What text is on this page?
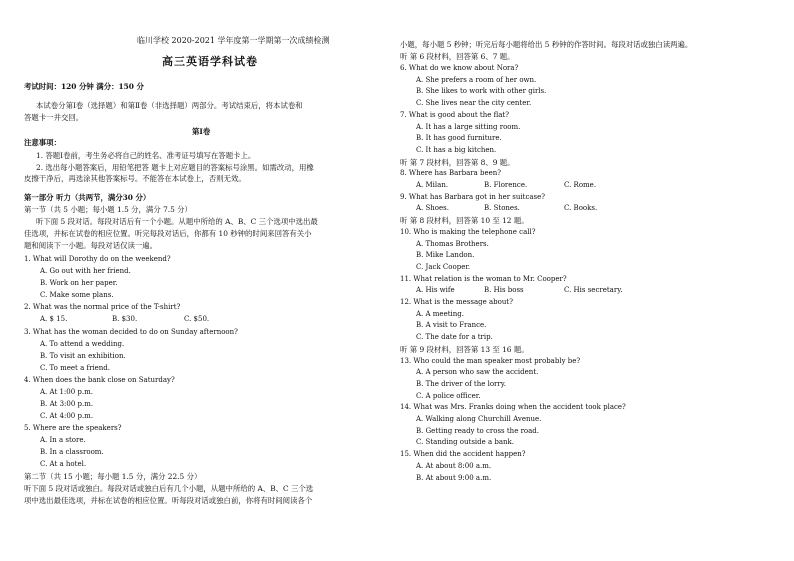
临川学校 2020-2021 学年度第一学期第一次成绩检测
高三英语学科试卷
考试时间：120 分钟 满分：150 分
本试卷分第Ⅰ卷（选择题）和第Ⅱ卷（非选择题）两部分。考试结束后，将本试卷和
答题卡一并交回。
第Ⅰ卷
注意事项：
1. 答题Ⅰ卷前，考生务必将自己的姓名、准考证号填写在答题卡上。
2. 选出每小题答案后，用铅笔把答 题卡上对应题目的答案标号涂黑。如需改动，用橡
皮擦干净后，再选涂其他答案标号。不能答在本试卷上，否则无效。
第一部分 听力（共两节，满分30 分）
第一节（共 5 小题；每小题 1.5 分，满分 7.5 分）
听下面 5 段对话。每段对话后有一个小题。从题中所给的 A、B、C 三个选项中选出最
佳选项，并标在试卷的相应位置。听完每段对话后，你都有 10 秒钟的时间来回答有关小
题和阅读下一小题。每段对话仅读一遍。
1. What will Dorothy do on the weekend?
A. Go out with her friend.
B. Work on her paper.
C. Make some plans.
2. What was the normal price of the T-shirt?
A. $ 15.	B. $30.	C. $50.
3. What has the woman decided to do on Sunday afternoon?
A. To attend a wedding.
B. To visit an exhibition.
C. To meet a friend.
4. When does the bank close on Saturday?
A. At 1:00 p.m.
B. At 3:00 p.m.
C. At 4:00 p.m.
5. Where are the speakers?
A. In a store.
B. In a classroom.
C. At a hotel.
第二节（共 15 小题；每小题 1.5 分，满分 22.5 分）
听下面 5 段对话或独白。每段对话或独白后有几个小题，从题中所给的 A、B、C 三个选
项中选出最佳选项，并标在试卷的相应位置。听每段对话或独白前，你将有时间阅读各个
小题，每小题 5 秒钟；听完后每小题将给出 5 秒钟的作答时间。每段对话或独白读两遍。
听 第 6 段材料，回答第 6、7 题。
6. What do we know about Nora?
A. She prefers a room of her own.
B. She likes to work with other girls.
C. She lives near the city center.
7. What is good about the flat?
A. It has a large sitting room.
B. It has good furniture.
C. It has a big kitchen.
听 第 7 段材料，回答第 8、9 题。
8. Where has Barbara been?
A. Milan.	B. Florence.	C. Rome.
9. What has Barbara got in her suitcase?
A. Shoes.	B. Stones.	C. Books.
听 第 8 段材料，回答第 10 至 12 题。
10. Who is making the telephone call?
A. Thomas Brothers.
B. Mike Landon.
C. Jack Cooper.
11. What relation is the woman to Mr. Cooper?
A. His wife	B. His boss	C. His secretary.
12. What is the message about?
A. A meeting.
B. A visit to France.
C. The date for a trip.
听 第 9 段材料，回答第 13 至 16 题。
13. Who could the man speaker most probably be?
A. A person who saw the accident.
B. The driver of the lorry.
C. A police officer.
14. What was Mrs. Franks doing when the accident took place?
A. Walking along Churchill Avenue.
B. Getting ready to cross the road.
C. Standing outside a bank.
15. When did the accident happen?
A. At about 8:00 a.m.
B. At about 9:00 a.m.
